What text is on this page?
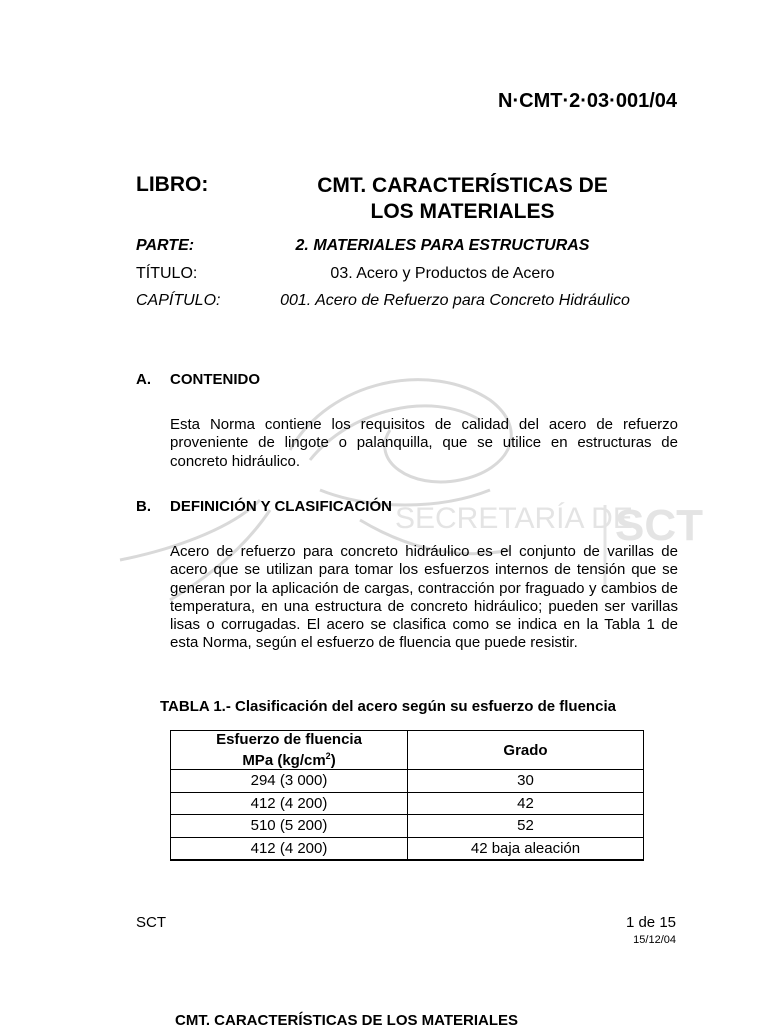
SECRETARÍA DE
SCT
N·CMT·2·03·001/04
LIBRO:	CMT. CARACTERÍSTICAS DE
LOS MATERIALES
PARTE:	2. MATERIALES PARA ESTRUCTURAS
TÍTULO:	03. Acero y Productos de Acero
CAPÍTULO:	001. Acero de Refuerzo para Concreto Hidráulico
A. CONTENIDO
Esta Norma contiene los requisitos de calidad del acero de refuerzo proveniente de lingote o palanquilla, que se utilice en estructuras de concreto hidráulico.
B. DEFINICIÓN Y CLASIFICACIÓN
Acero de refuerzo para concreto hidráulico es el conjunto de varillas de acero que se utilizan para tomar los esfuerzos internos de tensión que se generan por la aplicación de cargas, contracción por fraguado y cambios de temperatura, en una estructura de concreto hidráulico; pueden ser varillas lisas o corrugadas. El acero se clasifica como se indica en la Tabla 1 de esta Norma, según el esfuerzo de fluencia que puede resistir.
TABLA 1.- Clasificación del acero según su esfuerzo de fluencia
Esfuerzo de fluencia
MPa $(kg/cm^2)$	Grado
294 (3 000)	30
412 (4 200)	42
510 (5 200)	52
412 (4 200)	42 baja aleación
SCT	1 de 15
15/12/04
CMT. CARACTERÍSTICAS DE LOS MATERIALES
